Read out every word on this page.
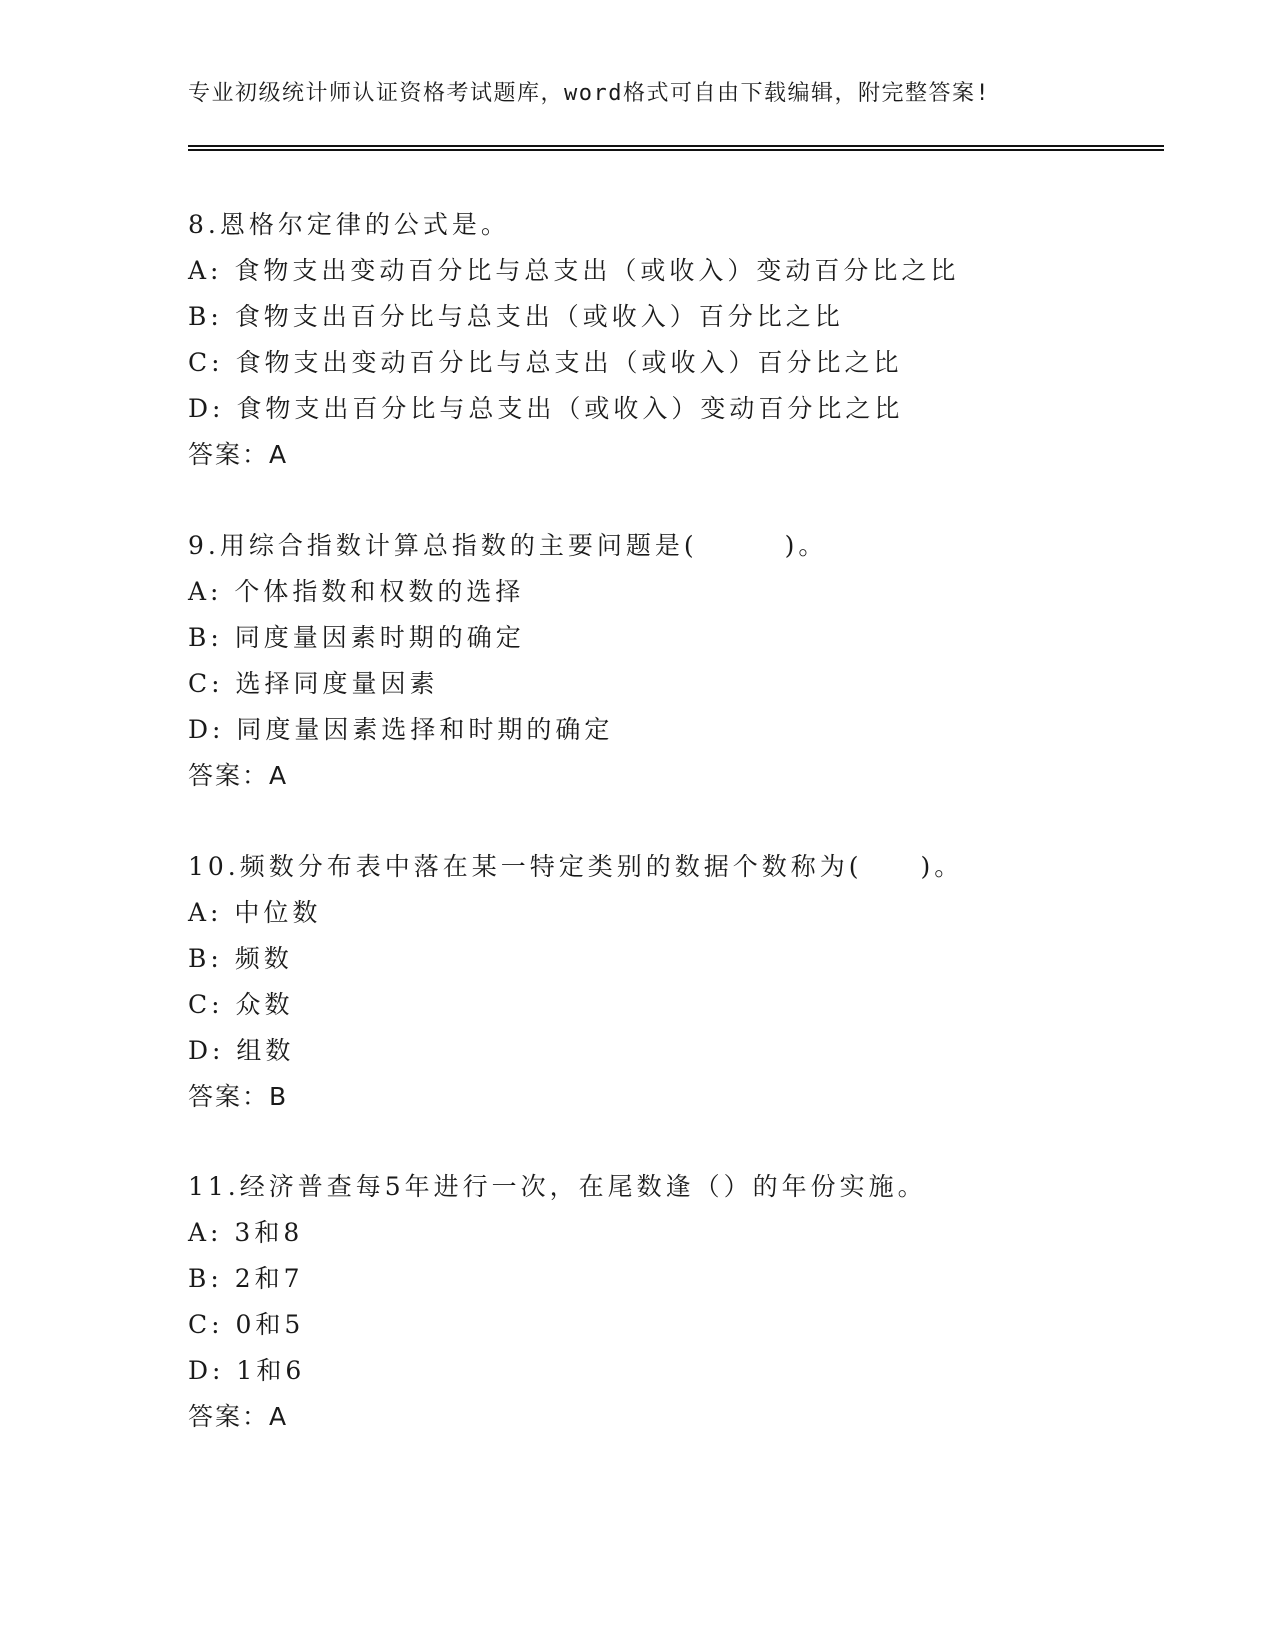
专业初级统计师认证资格考试题库，word格式可自由下载编辑，附完整答案!
8.恩格尔定律的公式是。
A: 食物支出变动百分比与总支出（或收入）变动百分比之比
B: 食物支出百分比与总支出（或收入）百分比之比
C: 食物支出变动百分比与总支出（或收入）百分比之比
D: 食物支出百分比与总支出（或收入）变动百分比之比
答案：A
9.用综合指数计算总指数的主要问题是(　　　)。
A: 个体指数和权数的选择
B: 同度量因素时期的确定
C: 选择同度量因素
D: 同度量因素选择和时期的确定
答案：A
10.频数分布表中落在某一特定类别的数据个数称为(　　)。
A: 中位数
B: 频数
C: 众数
D: 组数
答案：B
11.经济普查每5年进行一次，在尾数逢（）的年份实施。
A: 3和8
B: 2和7
C: 0和5
D: 1和6
答案：A
